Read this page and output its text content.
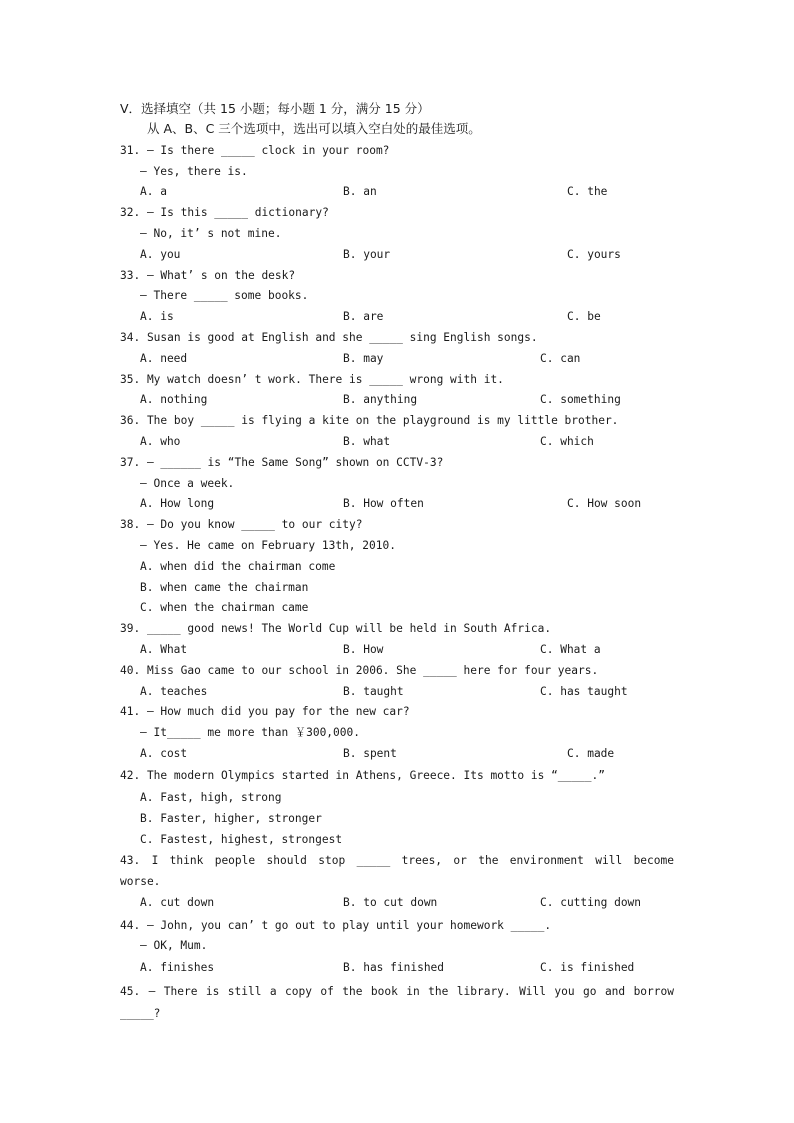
V．选择填空（共 15 小题；每小题 1 分，满分 15 分）
从 A、B、C 三个选项中，选出可以填入空白处的最佳选项。
31. — Is there _____ clock in your room?
— Yes, there is.
A. a	B. an	C. the
32. — Is this _____ dictionary?
— No, it’ s not mine.
A. you	B. your	C. yours
33. — What’ s on the desk?
— There _____ some books.
A. is	B. are	C. be
34. Susan is good at English and she _____ sing English songs.
A. need	B. may	C. can
35. My watch doesn’ t work. There is _____ wrong with it.
A. nothing	B. anything	C. something
36. The boy _____ is flying a kite on the playground is my little brother.
A. who	B. what	C. which
37. — ______ is “The Same Song” shown on CCTV-3?
— Once a week.
A. How long	B. How often	C. How soon
38. — Do you know _____ to our city?
— Yes. He came on February 13th, 2010.
A. when did the chairman come
B. when came the chairman
C. when the chairman came
39. _____ good news! The World Cup will be held in South Africa.
A. What	B. How	C. What a
40. Miss Gao came to our school in 2006. She _____ here for four years.
A. teaches	B. taught	C. has taught
41. — How much did you pay for the new car?
— It_____ me more than ￥300,000.
A. cost	B. spent	C. made
42. The modern Olympics started in Athens, Greece. Its motto is “_____.”
A. Fast, high, strong
B. Faster, higher, stronger
C. Fastest, highest, strongest
43. I think people should stop _____ trees, or the environment will become
worse.
A. cut down	B. to cut down	C. cutting down
44. — John, you can’ t go out to play until your homework _____.
— OK, Mum.
A. finishes	B. has finished	C. is finished
45. — There is still a copy of the book in the library. Will you go and borrow
_____?
